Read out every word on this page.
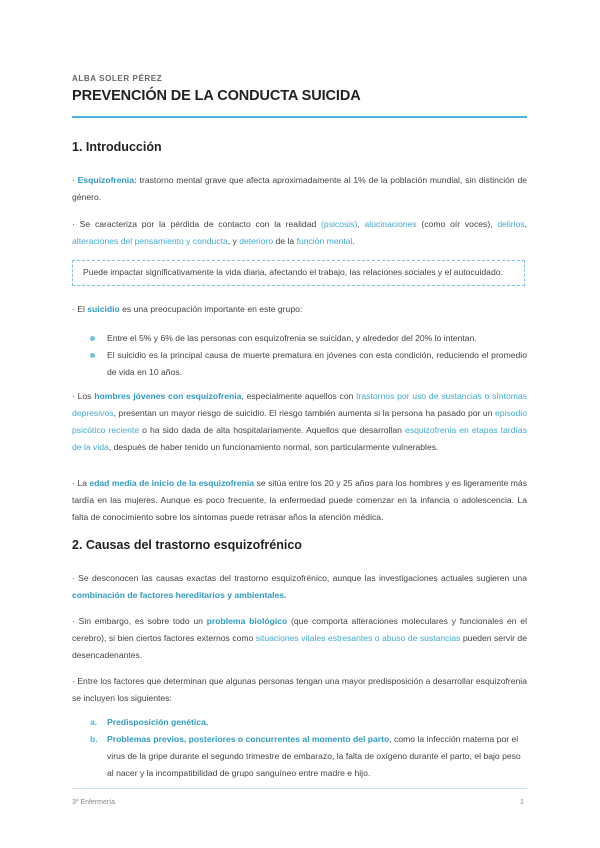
ALBA SOLER PÉREZ
PREVENCIÓN DE LA CONDUCTA SUICIDA
1. Introducción
· Esquizofrenia: trastorno mental grave que afecta aproximadamente al 1% de la población mundial, sin distinción de género.
· Se caracteriza por la pérdida de contacto con la realidad (psicosis), alucinaciones (como oír voces), delirios, alteraciones del pensamiento y conducta, y deterioro de la función mental.
Puede impactar significativamente la vida diaria, afectando el trabajo, las relaciones sociales y el autocuidado.
· El suicidio es una preocupación importante en este grupo:
Entre el 5% y 6% de las personas con esquizofrenia se suicidan, y alrededor del 20% lo intentan.
El suicidio es la principal causa de muerte prematura en jóvenes con esta condición, reduciendo el promedio de vida en 10 años.
· Los hombres jóvenes con esquizofrenia, especialmente aquellos con trastornos por uso de sustancias o síntomas depresivos, presentan un mayor riesgo de suicidio. El riesgo también aumenta si la persona ha pasado por un episodio psicótico reciente o ha sido dada de alta hospitalariamente. Aquellos que desarrollan esquizofrenia en etapas tardías de la vida, después de haber tenido un funcionamiento normal, son particularmente vulnerables.
· La edad media de inicio de la esquizofrenia se sitúa entre los 20 y 25 años para los hombres y es ligeramente más tardía en las mujeres. Aunque es poco frecuente, la enfermedad puede comenzar en la infancia o adolescencia. La falta de conocimiento sobre los síntomas puede retrasar años la atención médica.
2. Causas del trastorno esquizofrénico
· Se desconocen las causas exactas del trastorno esquizofrénico, aunque las investigaciones actuales sugieren una combinación de factores hereditarios y ambientales.
· Sin embargo, es sobre todo un problema biológico (que comporta alteraciones moleculares y funcionales en el cerebro), si bien ciertos factores externos como situaciones vitales estresantes o abuso de sustancias pueden servir de desencadenantes.
· Entre los factores que determinan que algunas personas tengan una mayor predisposición a desarrollar esquizofrenia se incluyen los siguientes:
a. Predisposición genética.
b. Problemas previos, posteriores o concurrentes al momento del parto, como la infección materna por el virus de la gripe durante el segundo trimestre de embarazo, la falta de oxígeno durante el parto, el bajo peso al nacer y la incompatibilidad de grupo sanguíneo entre madre e hijo.
3º Enfermería	1
